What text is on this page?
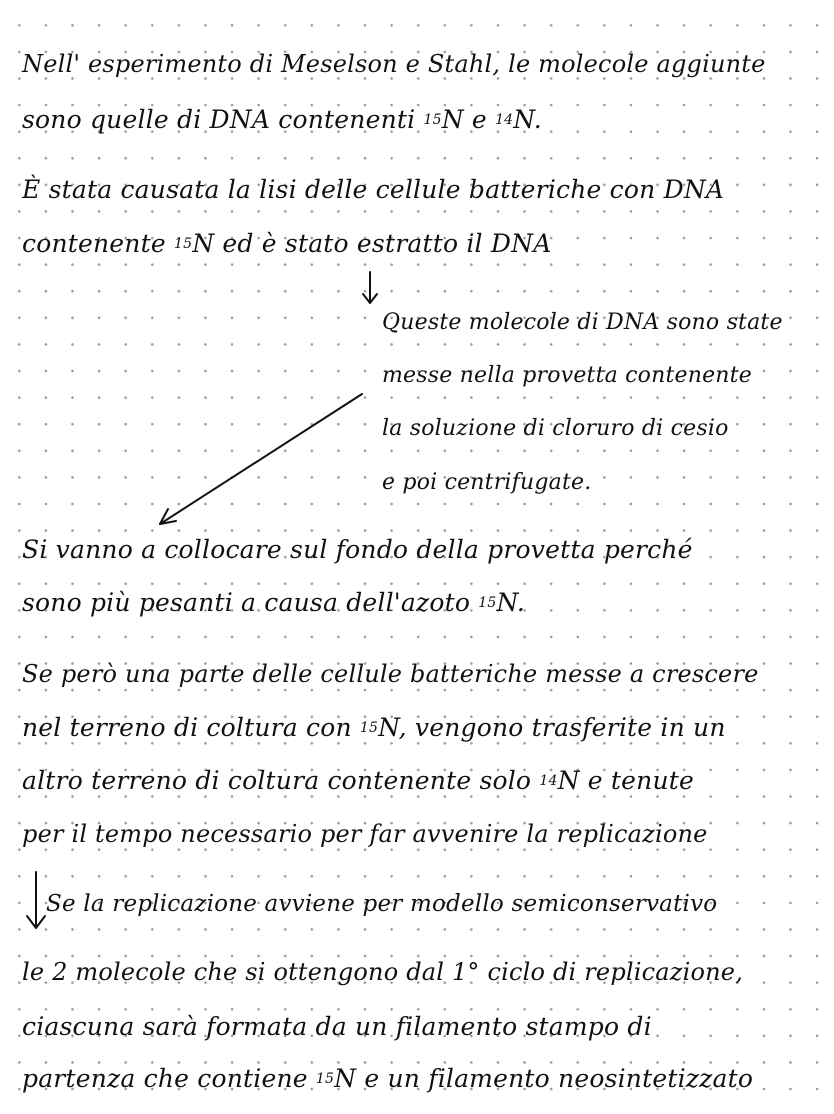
Nell' esperimento di Meselson e Stahl, le molecole aggiunte
sono quelle di DNA contenenti $^{15}$N e $^{14}$N.
È stata causata la lisi delle cellule batteriche con DNA
contenente $^{15}$N ed è stato estratto il DNA
Queste molecole di DNA sono state
messe nella provetta contenente
la soluzione di cloruro di cesio
e poi centrifugate.
Si vanno a collocare sul fondo della provetta perché
sono più pesanti a causa dell'azoto $^{15}$N.
Se però una parte delle cellule batteriche messe a crescere
nel terreno di coltura con $^{15}$N, vengono trasferite in un
altro terreno di coltura contenente solo $^{14}$N e tenute
per il tempo necessario per far avvenire la replicazione
Se la replicazione avviene per modello semiconservativo
le 2 molecole che si ottengono dal 1° ciclo di replicazione,
ciascuna sarà formata da un filamento stampo di
partenza che contiene $^{15}$N e un filamento neosintetizzato
